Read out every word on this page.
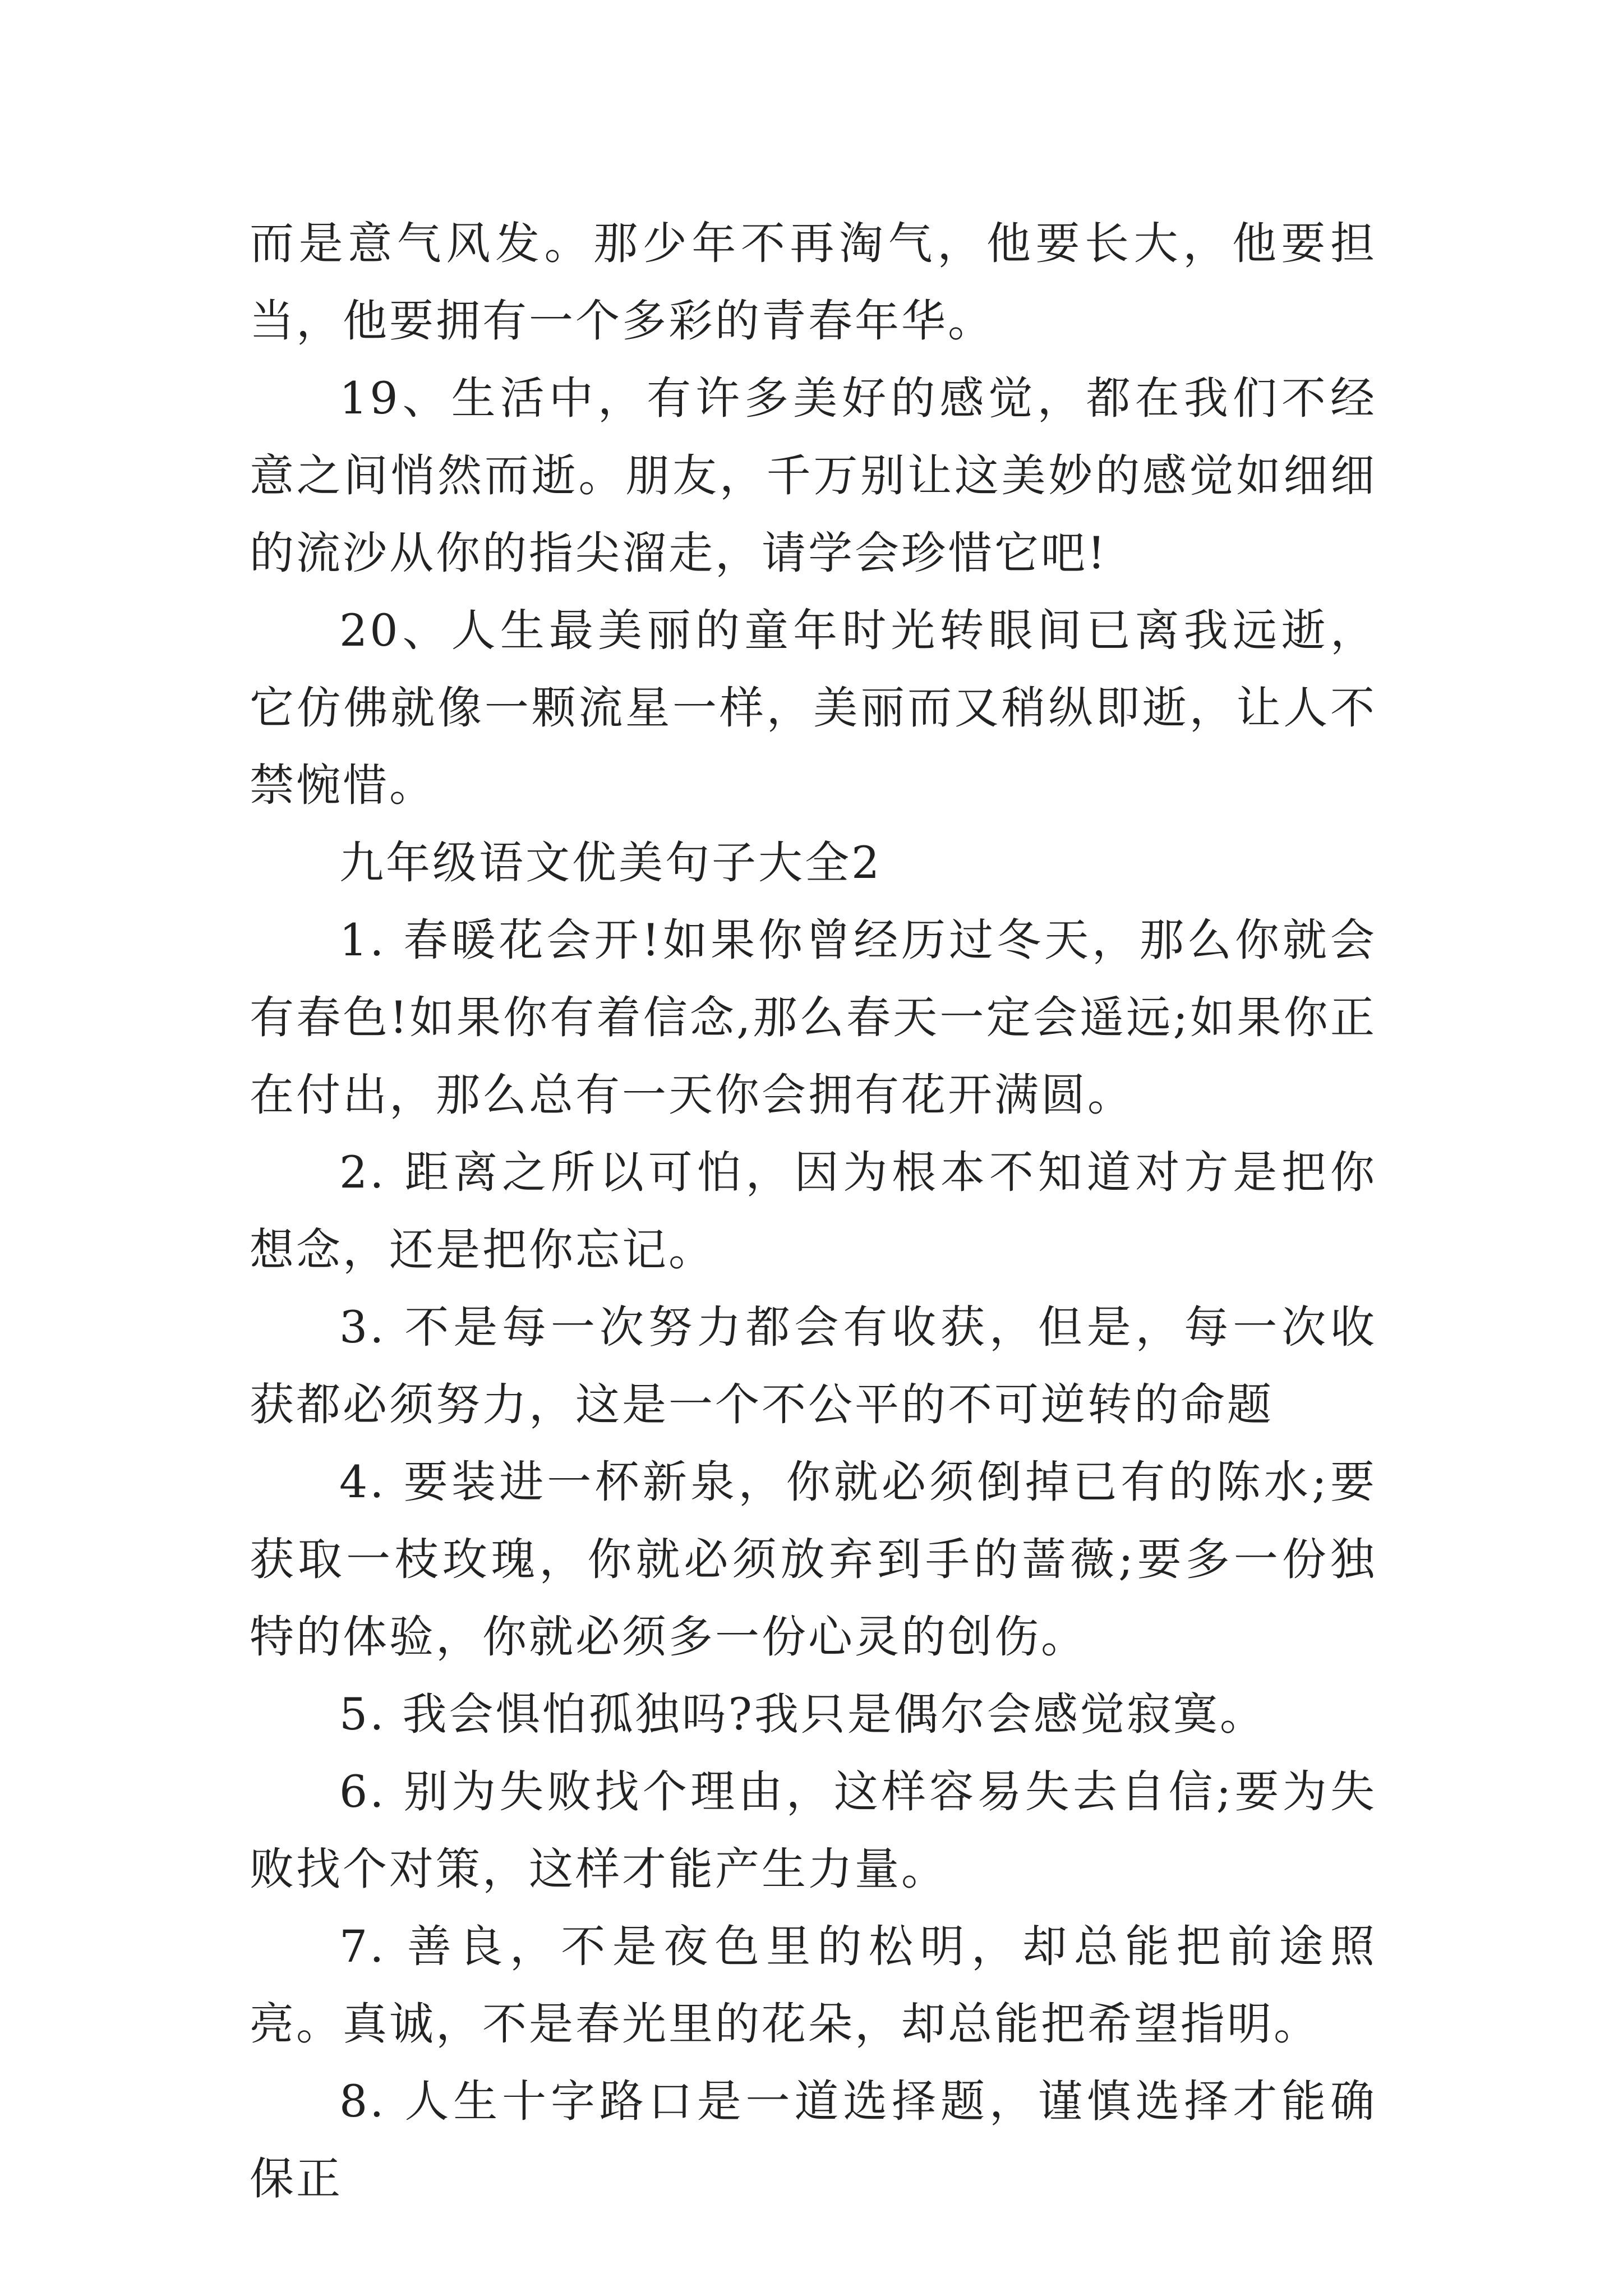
而是意气风发。那少年不再淘气，他要长大，他要担当，他要拥有一个多彩的青春年华。

19、生活中，有许多美好的感觉，都在我们不经意之间悄然而逝。朋友，千万别让这美妙的感觉如细细的流沙从你的指尖溜走，请学会珍惜它吧!

20、人生最美丽的童年时光转眼间已离我远逝，它仿佛就像一颗流星一样，美丽而又稍纵即逝，让人不禁惋惜。

九年级语文优美句子大全2

1. 春暖花会开!如果你曾经历过冬天，那么你就会有春色!如果你有着信念,那么春天一定会遥远;如果你正在付出，那么总有一天你会拥有花开满圆。

2. 距离之所以可怕，因为根本不知道对方是把你想念，还是把你忘记。

3. 不是每一次努力都会有收获，但是，每一次收获都必须努力，这是一个不公平的不可逆转的命题

4. 要装进一杯新泉，你就必须倒掉已有的陈水;要获取一枝玫瑰，你就必须放弃到手的蔷薇;要多一份独特的体验，你就必须多一份心灵的创伤。

5. 我会惧怕孤独吗?我只是偶尔会感觉寂寞。

6. 别为失败找个理由，这样容易失去自信;要为失败找个对策，这样才能产生力量。

7. 善良，不是夜色里的松明，却总能把前途照亮。真诚，不是春光里的花朵，却总能把希望指明。

8. 人生十字路口是一道选择题，谨慎选择才能确保正
